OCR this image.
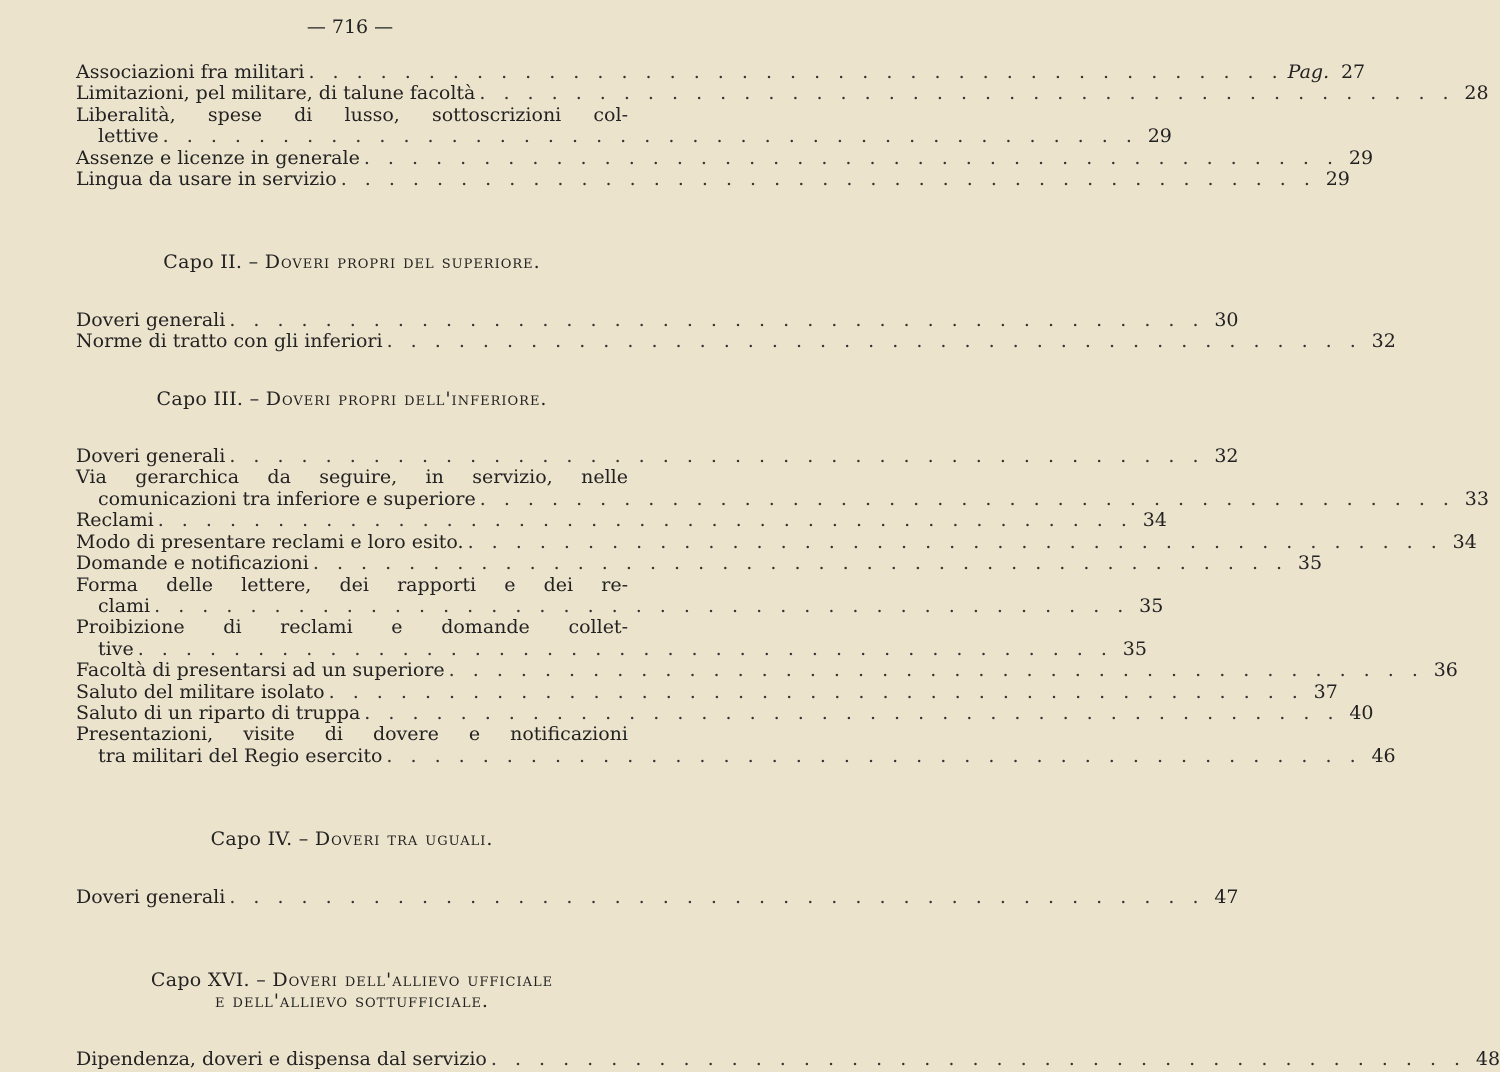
— 716 —
Associazioni fra militari . . . . . . . . . . . . . . . . . . . . . . . . . . . . . . . . . . . . . . . . . Pag. 27
Limitazioni, pel militare, di talune facoltà . . . . . . . . . . . . . . . . . . . . . . . . . . . . . . . . . . . . . . . . . 28
Liberalità, spese di lusso, sottoscrizioni col-
lettive . . . . . . . . . . . . . . . . . . . . . . . . . . . . . . . . . . . . . . . . . 29
Assenze e licenze in generale . . . . . . . . . . . . . . . . . . . . . . . . . . . . . . . . . . . . . . . . . 29
Lingua da usare in servizio . . . . . . . . . . . . . . . . . . . . . . . . . . . . . . . . . . . . . . . . . 29
Capo II. – Doveri propri del superiore.
Doveri generali . . . . . . . . . . . . . . . . . . . . . . . . . . . . . . . . . . . . . . . . . 30
Norme di tratto con gli inferiori . . . . . . . . . . . . . . . . . . . . . . . . . . . . . . . . . . . . . . . . . 32
Capo III. – Doveri propri dell'inferiore.
Doveri generali . . . . . . . . . . . . . . . . . . . . . . . . . . . . . . . . . . . . . . . . . 32
Via gerarchica da seguire, in servizio, nelle
comunicazioni tra inferiore e superiore . . . . . . . . . . . . . . . . . . . . . . . . . . . . . . . . . . . . . . . . . 33
Reclami . . . . . . . . . . . . . . . . . . . . . . . . . . . . . . . . . . . . . . . . . 34
Modo di presentare reclami e loro esito. . . . . . . . . . . . . . . . . . . . . . . . . . . . . . . . . . . . . . . . . . 34
Domande e notificazioni . . . . . . . . . . . . . . . . . . . . . . . . . . . . . . . . . . . . . . . . . 35
Forma delle lettere, dei rapporti e dei re-
clami . . . . . . . . . . . . . . . . . . . . . . . . . . . . . . . . . . . . . . . . . 35
Proibizione di reclami e domande collet-
tive . . . . . . . . . . . . . . . . . . . . . . . . . . . . . . . . . . . . . . . . . 35
Facoltà di presentarsi ad un superiore . . . . . . . . . . . . . . . . . . . . . . . . . . . . . . . . . . . . . . . . . 36
Saluto del militare isolato . . . . . . . . . . . . . . . . . . . . . . . . . . . . . . . . . . . . . . . . . 37
Saluto di un riparto di truppa . . . . . . . . . . . . . . . . . . . . . . . . . . . . . . . . . . . . . . . . . 40
Presentazioni, visite di dovere e notificazioni
tra militari del Regio esercito . . . . . . . . . . . . . . . . . . . . . . . . . . . . . . . . . . . . . . . . . 46
Capo IV. – Doveri tra uguali.
Doveri generali . . . . . . . . . . . . . . . . . . . . . . . . . . . . . . . . . . . . . . . . . 47
Capo XVI. – Doveri dell'allievo ufficiale
e dell'allievo sottufficiale.
Dipendenza, doveri e dispensa dal servizio . . . . . . . . . . . . . . . . . . . . . . . . . . . . . . . . . . . . . . . . . 48
